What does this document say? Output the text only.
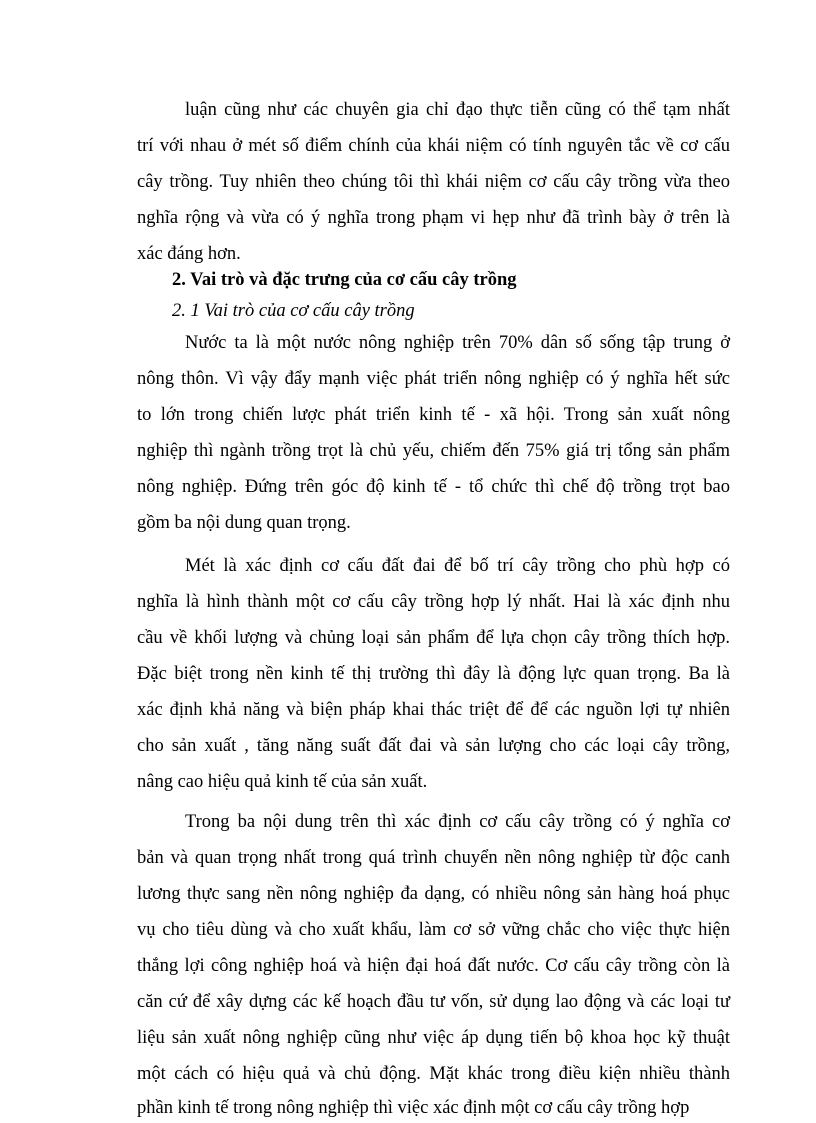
luận cũng như các chuyên gia chỉ đạo thực tiễn cũng có thể tạm nhất
trí với nhau ở mét số điểm chính của khái niệm có tính nguyên tắc về cơ cấu
cây trồng. Tuy nhiên theo chúng tôi thì khái niệm cơ cấu cây trồng vừa theo
nghĩa rộng và vừa có ý nghĩa trong phạm vi hẹp như đã trình bày ở trên là
xác đáng hơn.
2. Vai trò và đặc trưng của cơ cấu cây trồng
2. 1 Vai trò của cơ cấu cây trồng
Nước ta là một nước nông nghiệp trên 70% dân số sống tập trung ở
nông thôn. Vì vậy đẩy mạnh việc phát triển nông nghiệp có ý nghĩa hết sức
to lớn trong chiến lược phát triển kinh tế - xã hội. Trong sản xuất nông
nghiệp thì ngành trồng trọt là chủ yếu, chiếm đến 75% giá trị tổng sản phẩm
nông nghiệp. Đứng trên góc độ kinh tế - tổ chức thì chế độ trồng trọt bao
gồm ba nội dung quan trọng.
Mét là xác định cơ cấu đất đai để bố trí cây trồng cho phù hợp có
nghĩa là hình thành một cơ cấu cây trồng hợp lý nhất. Hai là xác định nhu
cầu về khối lượng và chủng loại sản phẩm để lựa chọn cây trồng thích hợp.
Đặc biệt trong nền kinh tế thị trường thì đây là động lực quan trọng. Ba là
xác định khả năng và biện pháp khai thác triệt để để các nguồn lợi tự nhiên
cho sản xuất , tăng năng suất đất đai và sản lượng cho các loại cây trồng,
nâng cao hiệu quả kinh tế của sản xuất.
Trong ba nội dung trên thì xác định cơ cấu cây trồng có ý nghĩa cơ
bản và quan trọng nhất trong quá trình chuyển nền nông nghiệp từ độc canh
lương thực sang nền nông nghiệp đa dạng, có nhiều nông sản hàng hoá phục
vụ cho tiêu dùng và cho xuất khẩu, làm cơ sở vững chắc cho việc thực hiện
thắng lợi công nghiệp hoá và hiện đại hoá đất nước. Cơ cấu cây trồng còn là
căn cứ để xây dựng các kế hoạch đầu tư vốn, sử dụng lao động và các loại tư
liệu sản xuất nông nghiệp cũng như việc áp dụng tiến bộ khoa học kỹ thuật
một cách có hiệu quả và chủ động. Mặt khác trong điều kiện nhiều thành
phần kinh tế trong nông nghiệp thì việc xác định một cơ cấu cây trồng hợp
